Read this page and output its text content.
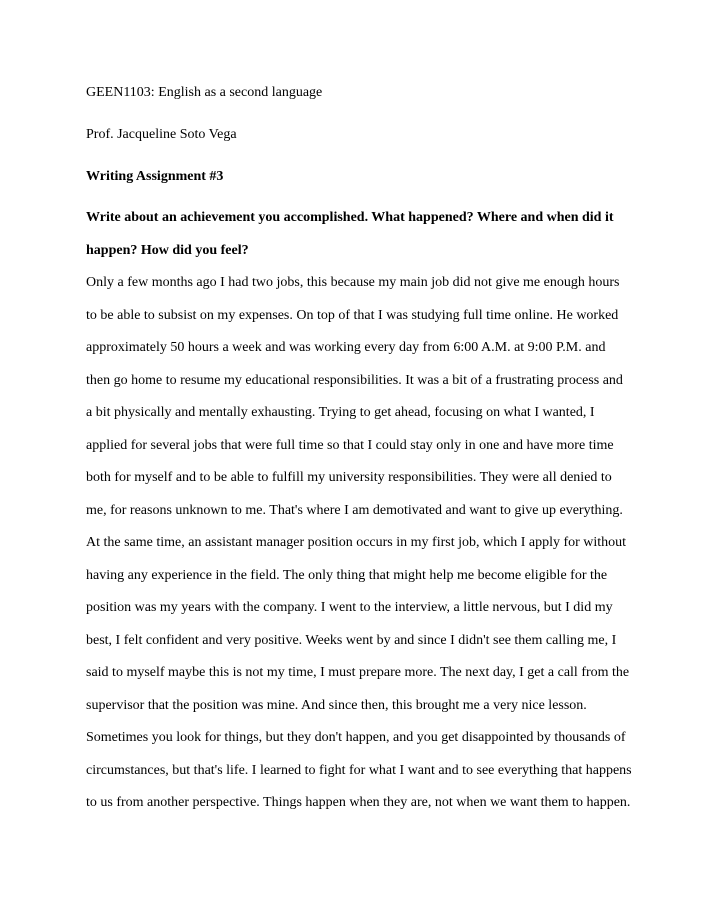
GEEN1103: English as a second language
Prof. Jacqueline Soto Vega
Writing Assignment #3
Write about an achievement you accomplished. What happened? Where and when did it
happen? How did you feel?
Only a few months ago I had two jobs, this because my main job did not give me enough hours
to be able to subsist on my expenses. On top of that I was studying full time online. He worked
approximately 50 hours a week and was working every day from 6:00 A.M. at 9:00 P.M. and
then go home to resume my educational responsibilities. It was a bit of a frustrating process and
a bit physically and mentally exhausting. Trying to get ahead, focusing on what I wanted, I
applied for several jobs that were full time so that I could stay only in one and have more time
both for myself and to be able to fulfill my university responsibilities. They were all denied to
me, for reasons unknown to me. That's where I am demotivated and want to give up everything.
At the same time, an assistant manager position occurs in my first job, which I apply for without
having any experience in the field. The only thing that might help me become eligible for the
position was my years with the company. I went to the interview, a little nervous, but I did my
best, I felt confident and very positive. Weeks went by and since I didn't see them calling me, I
said to myself maybe this is not my time, I must prepare more. The next day, I get a call from the
supervisor that the position was mine. And since then, this brought me a very nice lesson.
Sometimes you look for things, but they don't happen, and you get disappointed by thousands of
circumstances, but that's life. I learned to fight for what I want and to see everything that happens
to us from another perspective. Things happen when they are, not when we want them to happen.
